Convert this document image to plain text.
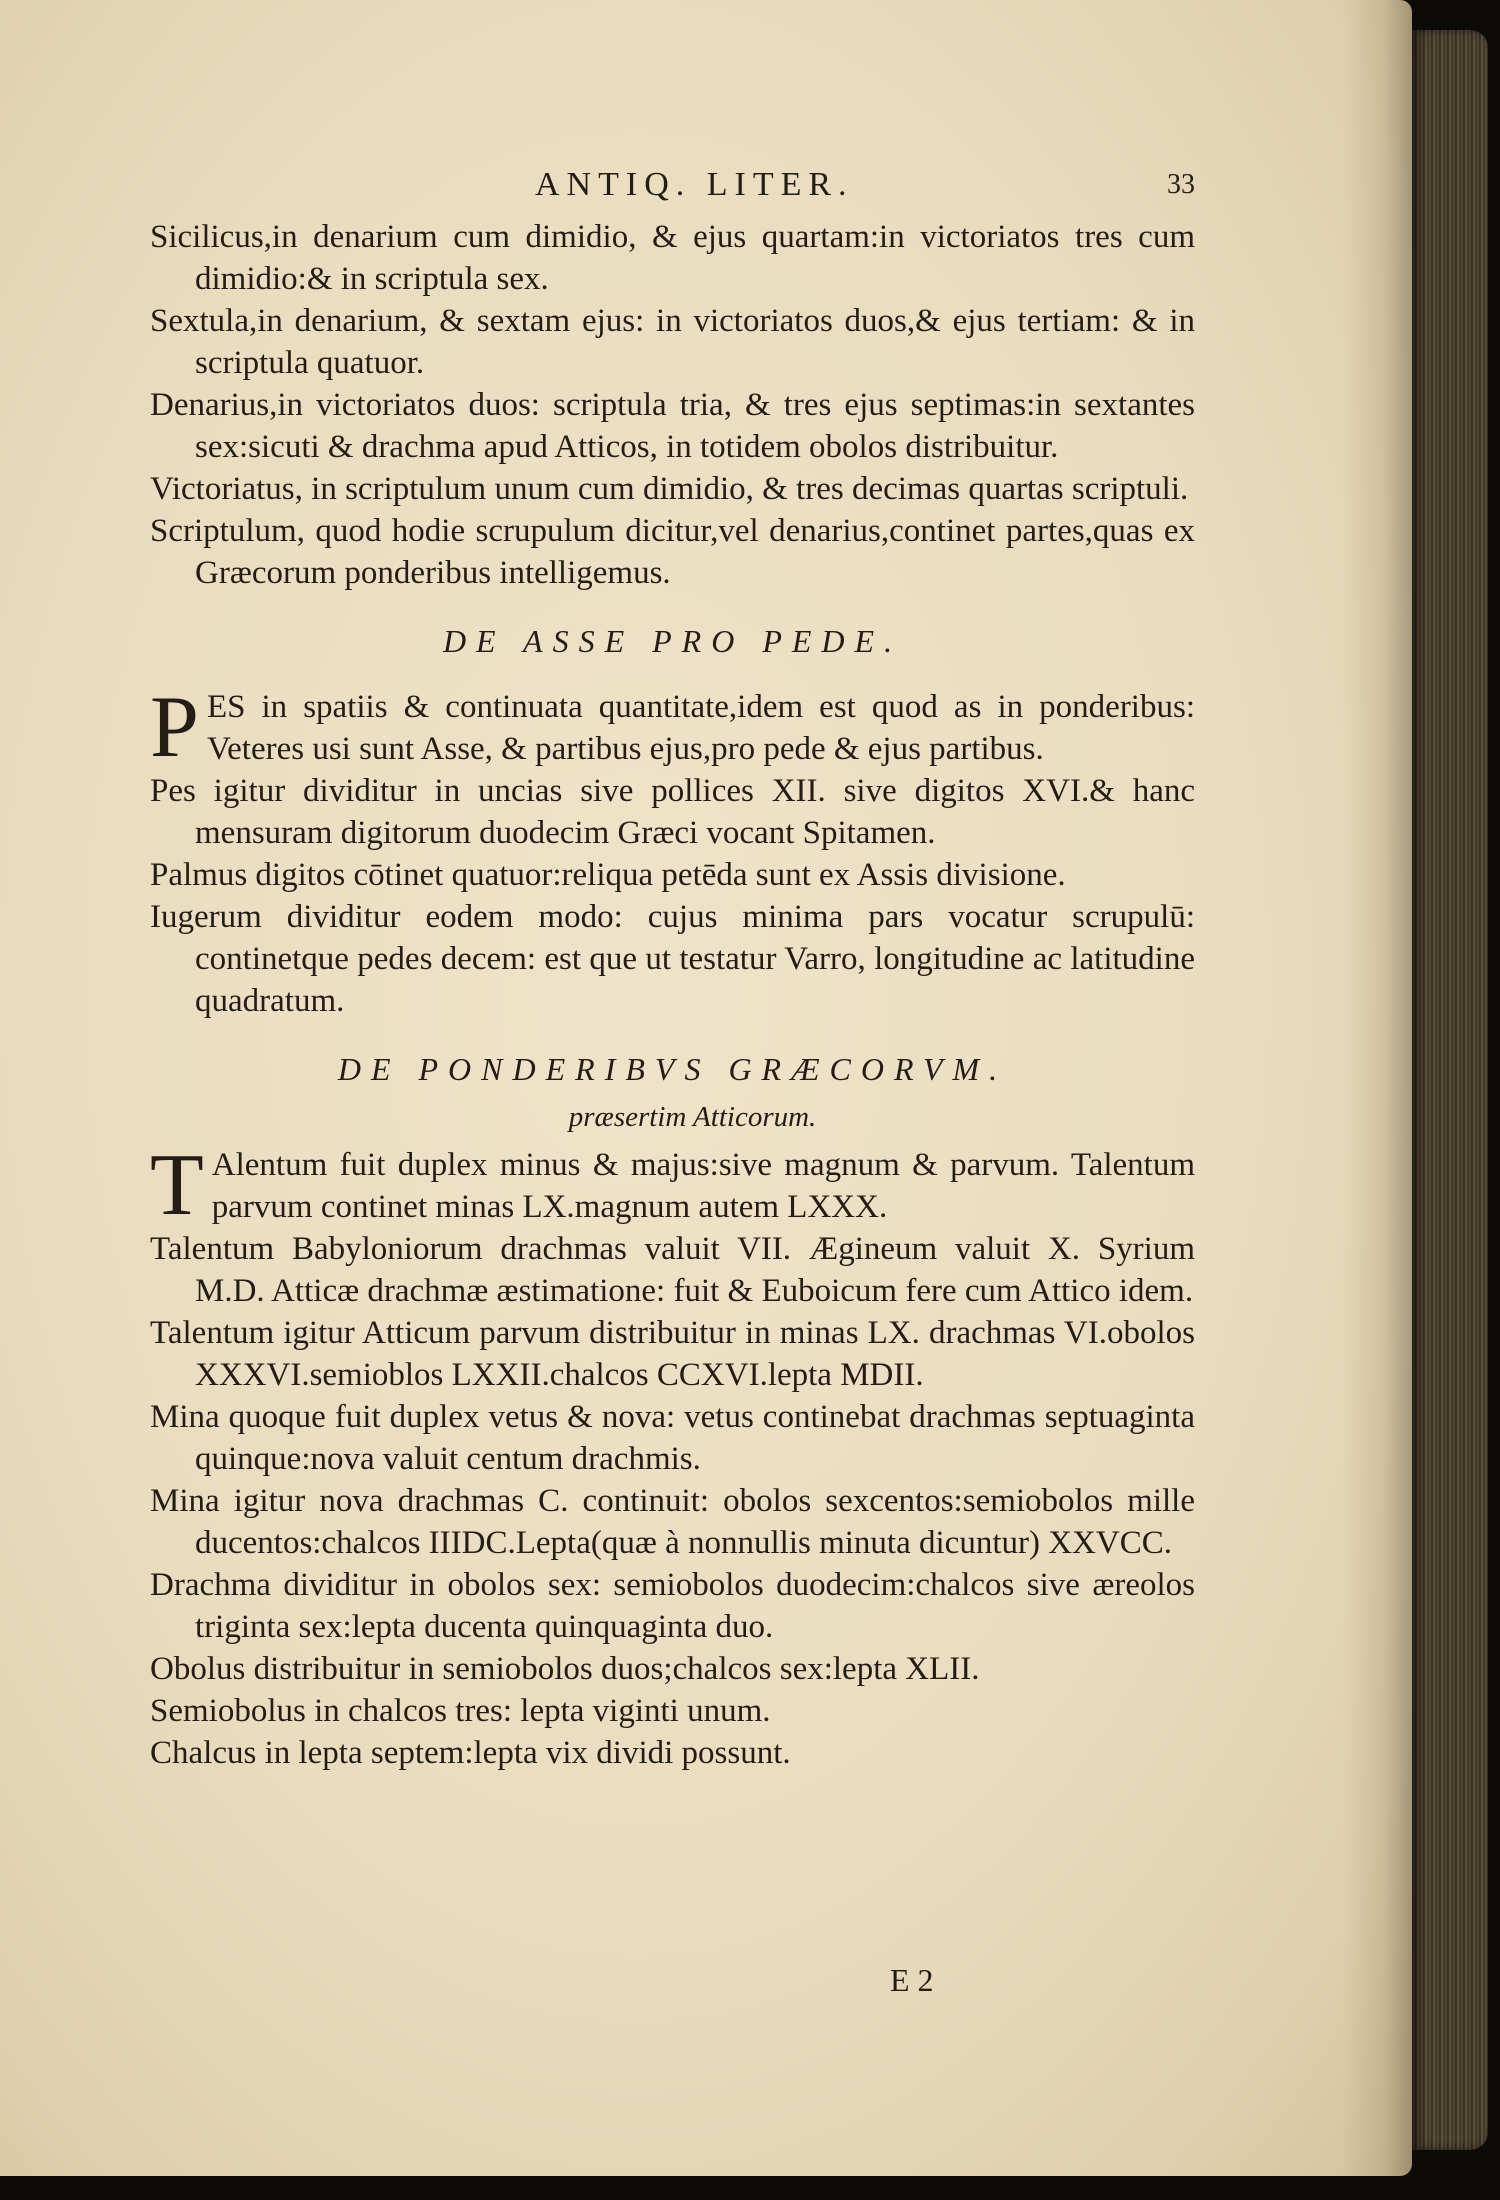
ANTIQ. LITER.	33

Sicilicus,in denarium cum dimidio, & ejus quartam:in victoriatos tres cum dimidio:& in scriptula sex.

Sextula,in denarium, & sextam ejus: in victoriatos duos,& ejus tertiam: & in scriptula quatuor.

Denarius,in victoriatos duos: scriptula tria, & tres ejus septimas:in sextantes sex:sicuti & drachma apud Atticos, in totidem obolos distribuitur.

Victoriatus, in scriptulum unum cum dimidio, & tres decimas quartas scriptuli.

Scriptulum, quod hodie scrupulum dicitur,vel denarius,continet partes,quas ex Græcorum ponderibus intelligemus.

DE ASSE PRO PEDE.

P ES in spatiis & continuata quantitate,idem est quod as in ponderibus: Veteres usi sunt Asse, & partibus ejus,pro pede & ejus partibus.

Pes igitur dividitur in uncias sive pollices XII. sive digitos XVI.& hanc mensuram digitorum duodecim Græci vocant Spitamen.

Palmus digitos cōtinet quatuor:reliqua petēda sunt ex Assis divisione.

Iugerum dividitur eodem modo: cujus minima pars vocatur scrupulū: continetque pedes decem: est que ut testatur Varro, longitudine ac latitudine quadratum.

DE PONDERIBVS GRÆCORVM.
præsertim Atticorum.

T Alentum fuit duplex minus & majus:sive magnum & parvum. Talentum parvum continet minas LX.magnum autem LXXX.

Talentum Babyloniorum drachmas valuit VII. Ægineum valuit X. Syrium M.D. Atticæ drachmæ æstimatione: fuit & Euboicum fere cum Attico idem.

Talentum igitur Atticum parvum distribuitur in minas LX. drachmas VI.obolos XXXVI.semioblos LXXII.chalcos CCXVI.lepta MDII.

Mina quoque fuit duplex vetus & nova: vetus continebat drachmas septuaginta quinque:nova valuit centum drachmis.

Mina igitur nova drachmas C. continuit: obolos sexcentos:semiobolos mille ducentos:chalcos IIIDC.Lepta(quæ à nonnullis minuta dicuntur) XXVCC.

Drachma dividitur in obolos sex: semiobolos duodecim:chalcos sive æreolos triginta sex:lepta ducenta quinquaginta duo.

Obolus distribuitur in semiobolos duos;chalcos sex:lepta XLII.

Semiobolus in chalcos tres: lepta viginti unum.

Chalcus in lepta septem:lepta vix dividi possunt.

E 2
